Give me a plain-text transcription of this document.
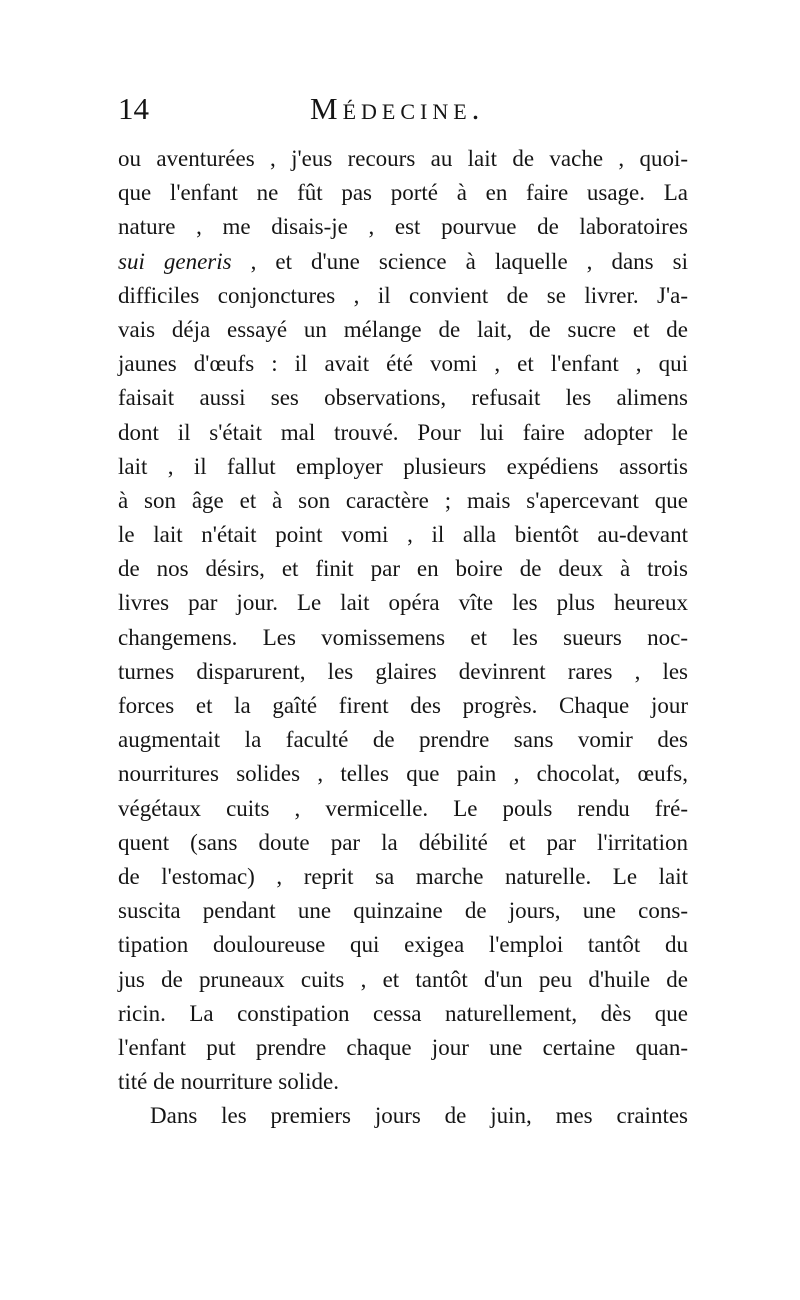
14	Médecine.
ou aventurées , j'eus recours au lait de vache , quoi-
que l'enfant ne fût pas porté à en faire usage. La
nature , me disais-je , est pourvue de laboratoires
sui generis , et d'une science à laquelle , dans si
difficiles conjonctures , il convient de se livrer. J'a-
vais déja essayé un mélange de lait, de sucre et de
jaunes d'œufs : il avait été vomi , et l'enfant , qui
faisait aussi ses observations, refusait les alimens
dont il s'était mal trouvé. Pour lui faire adopter le
lait , il fallut employer plusieurs expédiens assortis
à son âge et à son caractère ; mais s'apercevant que
le lait n'était point vomi , il alla bientôt au-devant
de nos désirs, et finit par en boire de deux à trois
livres par jour. Le lait opéra vîte les plus heureux
changemens. Les vomissemens et les sueurs noc-
turnes disparurent, les glaires devinrent rares , les
forces et la gaîté firent des progrès. Chaque jour
augmentait la faculté de prendre sans vomir des
nourritures solides , telles que pain , chocolat, œufs,
végétaux cuits , vermicelle. Le pouls rendu fré-
quent (sans doute par la débilité et par l'irritation
de l'estomac) , reprit sa marche naturelle. Le lait
suscita pendant une quinzaine de jours, une cons-
tipation douloureuse qui exigea l'emploi tantôt du
jus de pruneaux cuits , et tantôt d'un peu d'huile de
ricin. La constipation cessa naturellement, dès que
l'enfant put prendre chaque jour une certaine quan-
tité de nourriture solide.
Dans les premiers jours de juin, mes craintes
